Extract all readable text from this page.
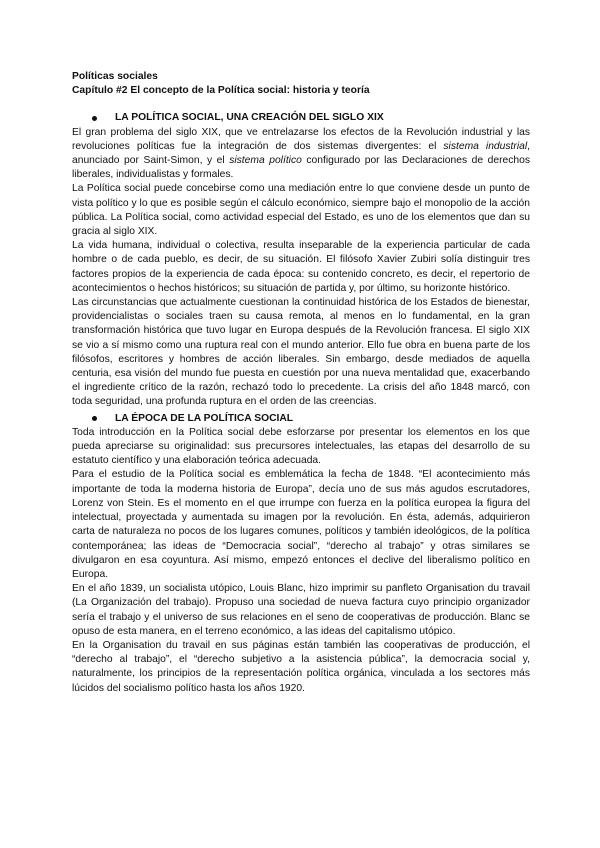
Políticas sociales
Capítulo #2 El concepto de la Política social: historia y teoría
LA POLÍTICA SOCIAL, UNA CREACIÓN DEL SIGLO XIX

El gran problema del siglo XIX, que ve entrelazarse los efectos de la Revolución industrial y las revoluciones políticas fue la integración de dos sistemas divergentes: el sistema industrial, anunciado por Saint-Simon, y el sistema político configurado por las Declaraciones de derechos liberales, individualistas y formales.

La Política social puede concebirse como una mediación entre lo que conviene desde un punto de vista político y lo que es posible según el cálculo económico, siempre bajo el monopolio de la acción pública. La Política social, como actividad especial del Estado, es uno de los elementos que dan su gracia al siglo XIX.

La vida humana, individual o colectiva, resulta inseparable de la experiencia particular de cada hombre o de cada pueblo, es decir, de su situación. El filósofo Xavier Zubiri solía distinguir tres factores propios de la experiencia de cada época: su contenido concreto, es decir, el repertorio de acontecimientos o hechos históricos; su situación de partida y, por último, su horizonte histórico.

Las circunstancias que actualmente cuestionan la continuidad histórica de los Estados de bienestar, providencialistas o sociales traen su causa remota, al menos en lo fundamental, en la gran transformación histórica que tuvo lugar en Europa después de la Revolución francesa. El siglo XIX se vio a sí mismo como una ruptura real con el mundo anterior. Ello fue obra en buena parte de los filósofos, escritores y hombres de acción liberales. Sin embargo, desde mediados de aquella centuria, esa visión del mundo fue puesta en cuestión por una nueva mentalidad que, exacerbando el ingrediente crítico de la razón, rechazó todo lo precedente. La crisis del año 1848 marcó, con toda seguridad, una profunda ruptura en el orden de las creencias.

LA ÉPOCA DE LA POLÍTICA SOCIAL

Toda introducción en la Política social debe esforzarse por presentar los elementos en los que pueda apreciarse su originalidad: sus precursores intelectuales, las etapas del desarrollo de su estatuto científico y una elaboración teórica adecuada.

Para el estudio de la Política social es emblemática la fecha de 1848. “El acontecimiento más importante de toda la moderna historia de Europa”, decía uno de sus más agudos escrutadores, Lorenz von Stein. Es el momento en el que irrumpe con fuerza en la política europea la figura del intelectual, proyectada y aumentada su imagen por la revolución. En ésta, además, adquirieron carta de naturaleza no pocos de los lugares comunes, políticos y también ideológicos, de la política contemporánea; las ideas de “Democracia social”, “derecho al trabajo” y otras similares se divulgaron en esa coyuntura. Así mismo, empezó entonces el declive del liberalismo político en Europa.

En el año 1839, un socialista utópico, Louis Blanc, hizo imprimir su panfleto Organisation du travail (La Organización del trabajo). Propuso una sociedad de nueva factura cuyo principio organizador sería el trabajo y el universo de sus relaciones en el seno de cooperativas de producción. Blanc se opuso de esta manera, en el terreno económico, a las ideas del capitalismo utópico.

En la Organisation du travail en sus páginas están también las cooperativas de producción, el “derecho al trabajo”, el “derecho subjetivo a la asistencia pública”, la democracia social y, naturalmente, los principios de la representación política orgánica, vinculada a los sectores más lúcidos del socialismo político hasta los años 1920.
